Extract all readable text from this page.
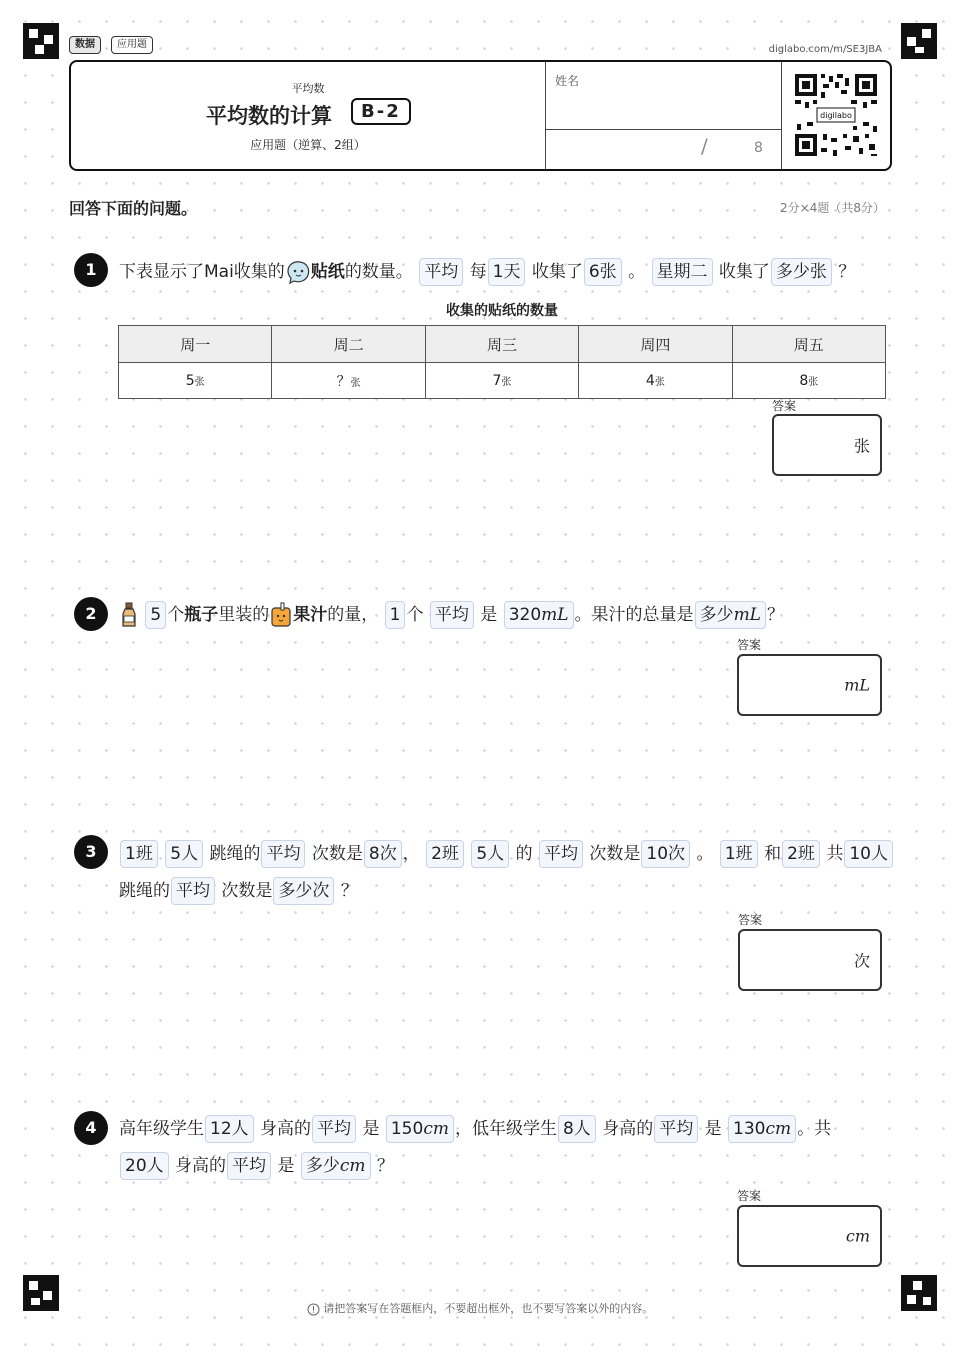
数据	应用题	diglabo.com/m/SE3JBA
平均数
平均数的计算	B-2
应用题（逆算、2组）
姓名
/	8
digilabo
回答下面的问题。	2分×4题（共8分）
1	下表显示了Mai收集的 贴纸的数量。 平均 每 1天 收集了 6张 。 星期二 收集了 多少张 ？
收集的贴纸的数量
周一	周二	周三	周四	周五
5张	？张	7张	4张	8张
答案
张
2	5 个瓶子里装的 果汁的量， 1 个 平均 是 320mL 。果汁的总量是 多少mL ？
答案
mL
3	1班 5人 跳绳的 平均 次数是 8次 ， 2班 5人 的 平均 次数是 10次 。 1班 和 2班 共 10人
跳绳的 平均 次数是 多少次 ？
答案
次
4	高年级学生 12人 身高的 平均 是 150cm ，低年级学生 8人 身高的 平均 是 130cm 。共
20人 身高的 平均 是 多少cm ？
答案
cm
请把答案写在答题框内，不要超出框外，也不要写答案以外的内容。
